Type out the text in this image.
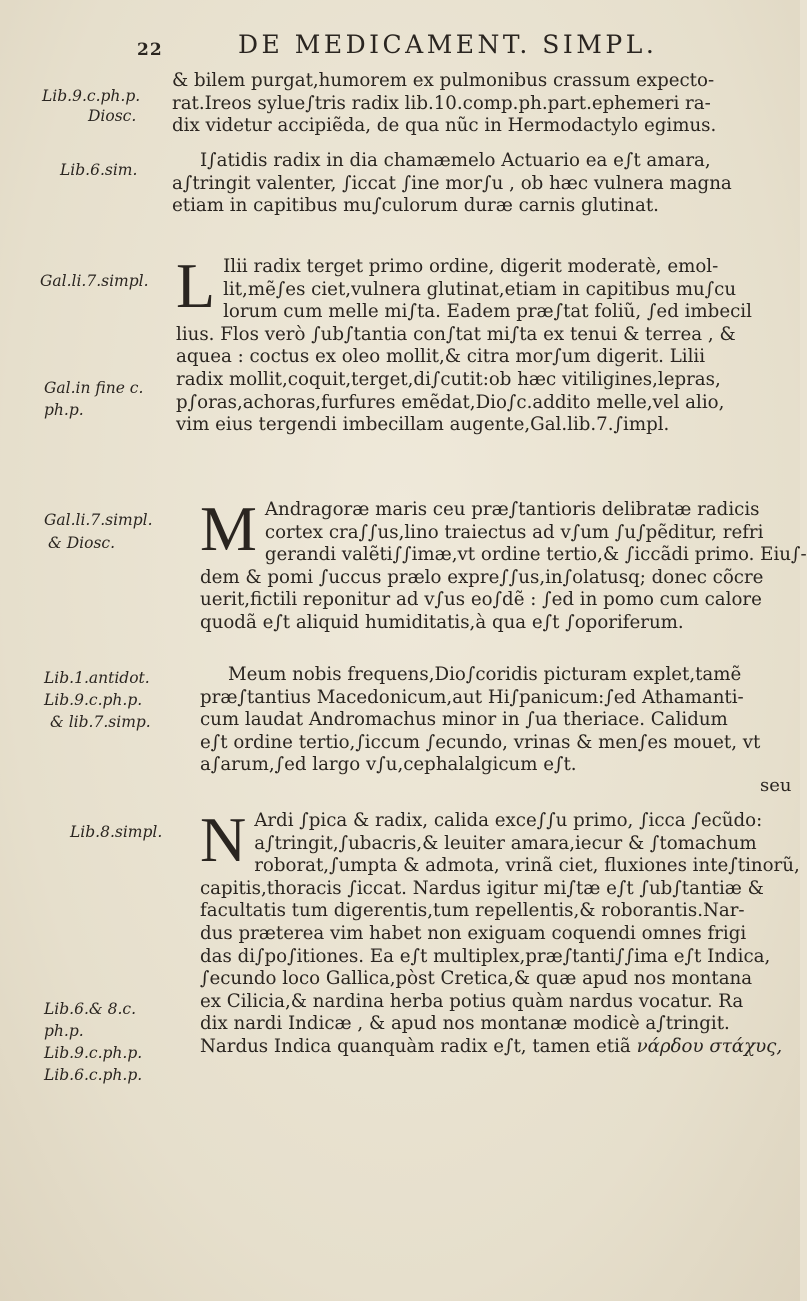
22	DE MEDICAMENT. SIMPL.
Lib.9.c.ph.p.
Diosc.
Lib.6.sim.
Gal.li.7.simpl.
Gal.in fine c.
ph.p.
Gal.li.7.simpl.
& Diosc.
Lib.1.antidot.
Lib.9.c.ph.p.
& lib.7.simp.
Lib.8.simpl.
Lib.6.& 8.c.
ph.p.
Lib.9.c.ph.p.
Lib.6.c.ph.p.
& bilem purgat,humorem ex pulmonibus crassum expecto-
rat.Ireos sylue∫tris radix lib.10.comp.ph.part.ephemeri ra-
dix videtur accipiẽda, de qua nũc in Hermodactylo egimus.
I∫atidis radix in dia chamæmelo Actuario ea e∫t amara,
a∫tringit valenter, ∫iccat ∫ine mor∫u , ob hæc vulnera magna
etiam in capitibus mu∫culorum duræ carnis glutinat.
L Ilii radix terget primo ordine, digerit moderatè, emol-
lit,mẽ∫es ciet,vulnera glutinat,etiam in capitibus mu∫cu
lorum cum melle mi∫ta. Eadem præ∫tat foliũ, ∫ed imbecil
lius. Flos verò ∫ub∫tantia con∫tat mi∫ta ex tenui & terrea , &
aquea : coctus ex oleo mollit,& citra mor∫um digerit. Lilii
radix mollit,coquit,terget,di∫cutit:ob hæc vitiligines,lepras,
p∫oras,achoras,furfures emẽdat,Dio∫c.addito melle,vel alio,
vim eius tergendi imbecillam augente,Gal.lib.7.∫impl.
M Andragoræ maris ceu præ∫tantioris delibratæ radicis
cortex cra∫∫us,lino traiectus ad v∫um ∫u∫pẽditur, refri
gerandi valẽti∫∫imæ,vt ordine tertio,& ∫iccãdi primo. Eiu∫-
dem & pomi ∫uccus prælo expre∫∫us,in∫olatusq; donec cõcre
uerit,fictili reponitur ad v∫us eo∫dẽ : ∫ed in pomo cum calore
quodã e∫t aliquid humiditatis,à qua e∫t ∫oporiferum.
Meum nobis frequens,Dio∫coridis picturam explet,tamẽ
præ∫tantius Macedonicum,aut Hi∫panicum:∫ed Athamanti-
cum laudat Andromachus minor in ∫ua theriace. Calidum
e∫t ordine tertio,∫iccum ∫ecundo, vrinas & men∫es mouet, vt
a∫arum,∫ed largo v∫u,cephalalgicum e∫t.
N Ardi ∫pica & radix, calida exce∫∫u primo, ∫icca ∫ecũdo:
a∫tringit,∫ubacris,& leuiter amara,iecur & ∫tomachum
roborat,∫umpta & admota, vrinã ciet, fluxiones inte∫tinorũ,
capitis,thoracis ∫iccat. Nardus igitur mi∫tæ e∫t ∫ub∫tantiæ &
facultatis tum digerentis,tum repellentis,& roborantis.Nar-
dus præterea vim habet non exiguam coquendi omnes frigi
das di∫po∫itiones. Ea e∫t multiplex,præ∫tanti∫∫ima e∫t Indica,
∫ecundo loco Gallica,pòst Cretica,& quæ apud nos montana
ex Cilicia,& nardina herba potius quàm nardus vocatur. Ra
dix nardi Indicæ , & apud nos montanæ modicè a∫tringit.
Nardus Indica quanquàm radix e∫t, tamen etiã νάρδου στάχυς,
seu
